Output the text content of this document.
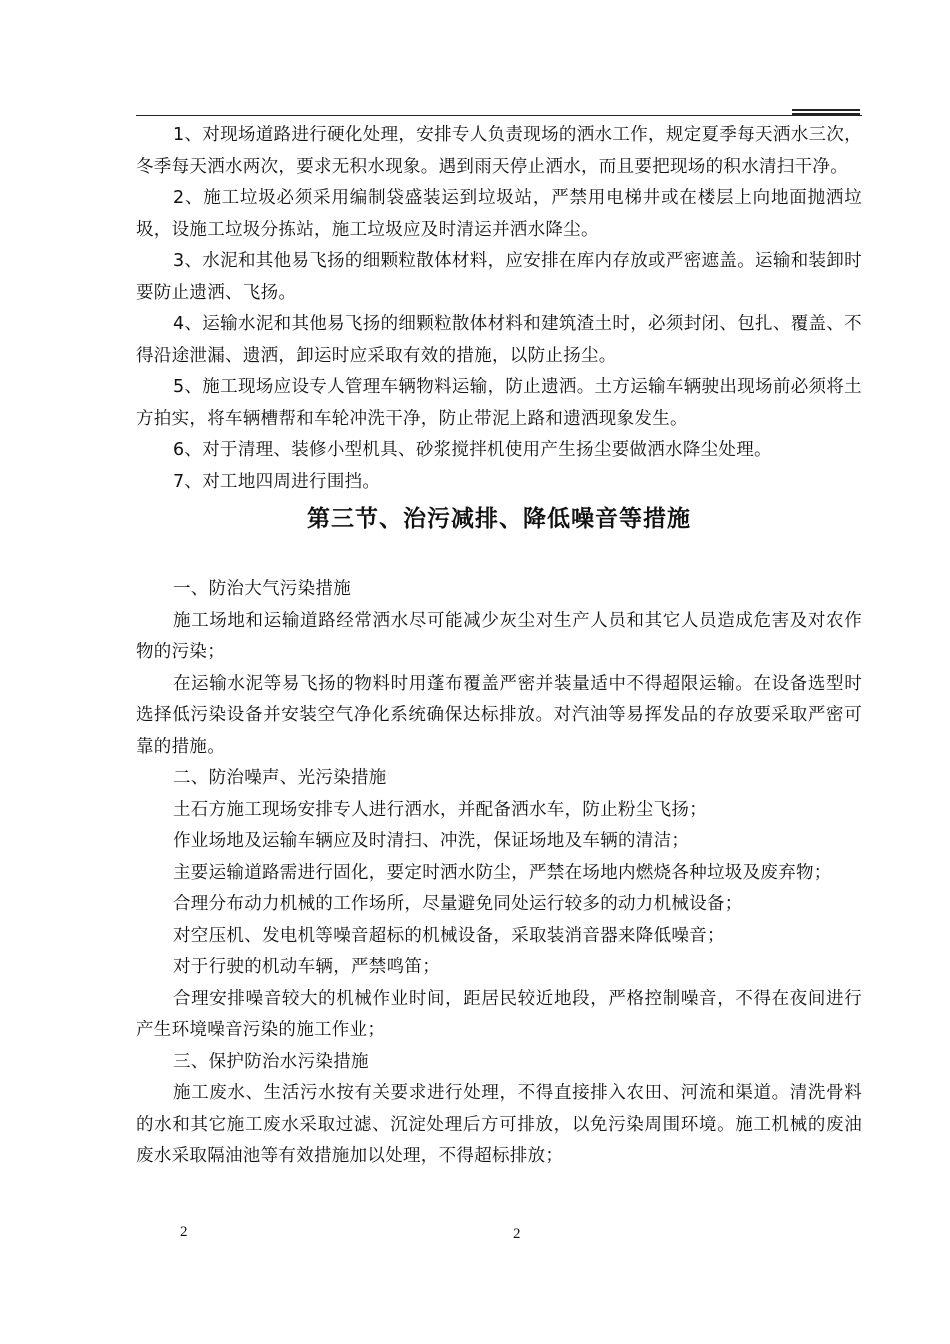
1、对现场道路进行硬化处理，安排专人负责现场的洒水工作，规定夏季每天洒水三次，冬季每天洒水两次，要求无积水现象。遇到雨天停止洒水，而且要把现场的积水清扫干净。

2、施工垃圾必须采用编制袋盛装运到垃圾站，严禁用电梯井或在楼层上向地面抛洒垃圾，设施工垃圾分拣站，施工垃圾应及时清运并洒水降尘。

3、水泥和其他易飞扬的细颗粒散体材料，应安排在库内存放或严密遮盖。运输和装卸时要防止遗洒、飞扬。

4、运输水泥和其他易飞扬的细颗粒散体材料和建筑渣土时，必须封闭、包扎、覆盖、不得沿途泄漏、遗洒，卸运时应采取有效的措施，以防止扬尘。

5、施工现场应设专人管理车辆物料运输，防止遗洒。土方运输车辆驶出现场前必须将土方拍实，将车辆槽帮和车轮冲洗干净，防止带泥上路和遗洒现象发生。

6、对于清理、装修小型机具、砂浆搅拌机使用产生扬尘要做洒水降尘处理。

7、对工地四周进行围挡。

第三节、治污减排、降低噪音等措施

一、防治大气污染措施

施工场地和运输道路经常洒水尽可能减少灰尘对生产人员和其它人员造成危害及对农作物的污染；

在运输水泥等易飞扬的物料时用蓬布覆盖严密并装量适中不得超限运输。在设备选型时选择低污染设备并安装空气净化系统确保达标排放。对汽油等易挥发品的存放要采取严密可靠的措施。

二、防治噪声、光污染措施

土石方施工现场安排专人进行洒水，并配备洒水车，防止粉尘飞扬；

作业场地及运输车辆应及时清扫、冲洗，保证场地及车辆的清洁；

主要运输道路需进行固化，要定时洒水防尘，严禁在场地内燃烧各种垃圾及废弃物；

合理分布动力机械的工作场所，尽量避免同处运行较多的动力机械设备；

对空压机、发电机等噪音超标的机械设备，采取装消音器来降低噪音；

对于行驶的机动车辆，严禁鸣笛；

合理安排噪音较大的机械作业时间，距居民较近地段，严格控制噪音，不得在夜间进行产生环境噪音污染的施工作业；

三、保护防治水污染措施

施工废水、生活污水按有关要求进行处理，不得直接排入农田、河流和渠道。清洗骨料的水和其它施工废水采取过滤、沉淀处理后方可排放，以免污染周围环境。施工机械的废油废水采取隔油池等有效措施加以处理，不得超标排放；

2	2
